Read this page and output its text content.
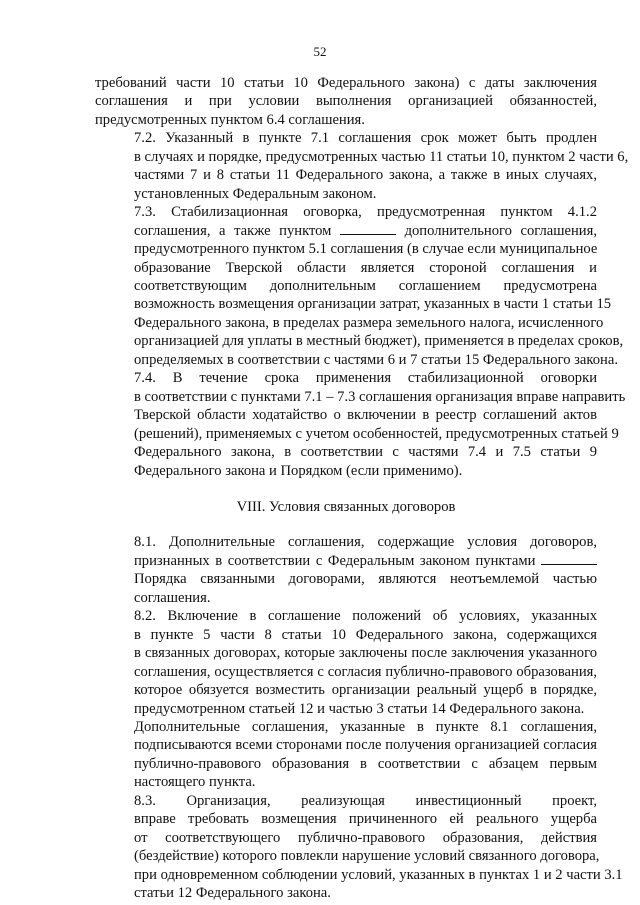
52
требований части 10 статьи 10 Федерального закона) с даты заключения
соглашения и при условии выполнения организацией обязанностей,
предусмотренных пунктом 6.4 соглашения.
7.2. Указанный в пункте 7.1 соглашения срок может быть продлен
в случаях и порядке, предусмотренных частью 11 статьи 10, пунктом 2 части 6,
частями 7 и 8 статьи 11 Федерального закона, а также в иных случаях,
установленных Федеральным законом.
7.3. Стабилизационная оговорка, предусмотренная пунктом 4.1.2
соглашения, а также пунктом	дополнительного соглашения,
предусмотренного пунктом 5.1 соглашения (в случае если муниципальное
образование Тверской области является стороной соглашения и
соответствующим дополнительным соглашением предусмотрена
возможность возмещения организации затрат, указанных в части 1 статьи 15
Федерального закона, в пределах размера земельного налога, исчисленного
организацией для уплаты в местный бюджет), применяется в пределах сроков,
определяемых в соответствии с частями 6 и 7 статьи 15 Федерального закона.
7.4. В течение срока применения стабилизационной оговорки
в соответствии с пунктами 7.1 – 7.3 соглашения организация вправе направить
Тверской области ходатайство о включении в реестр соглашений актов
(решений), применяемых с учетом особенностей, предусмотренных статьей 9
Федерального закона, в соответствии с частями 7.4 и 7.5 статьи 9
Федерального закона и Порядком (если применимо).
VIII. Условия связанных договоров
8.1. Дополнительные соглашения, содержащие условия договоров,
признанных в соответствии с Федеральным законом пунктами
Порядка связанными договорами, являются неотъемлемой частью
соглашения.
8.2. Включение в соглашение положений об условиях, указанных
в пункте 5 части 8 статьи 10 Федерального закона, содержащихся
в связанных договорах, которые заключены после заключения указанного
соглашения, осуществляется с согласия публично-правового образования,
которое обязуется возместить организации реальный ущерб в порядке,
предусмотренном статьей 12 и частью 3 статьи 14 Федерального закона.
Дополнительные соглашения, указанные в пункте 8.1 соглашения,
подписываются всеми сторонами после получения организацией согласия
публично-правового образования в соответствии с абзацем первым
настоящего пункта.
8.3. Организация, реализующая инвестиционный проект,
вправе требовать возмещения причиненного ей реального ущерба
от соответствующего публично-правового образования, действия
(бездействие) которого повлекли нарушение условий связанного договора,
при одновременном соблюдении условий, указанных в пунктах 1 и 2 части 3.1
статьи 12 Федерального закона.
